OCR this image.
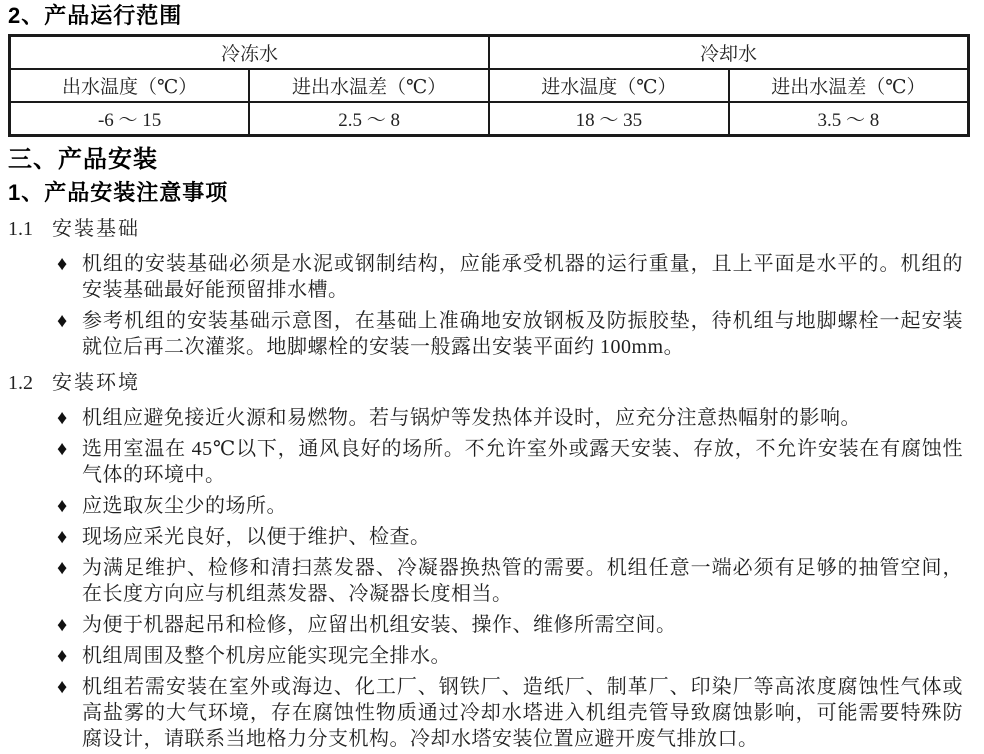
2、产品运行范围
冷冻水		冷却水	
出水温度（℃）	进出水温差（℃）	进水温度（℃）	进出水温差（℃）
-6 ～ 15	2.5 ～ 8	18 ～ 35	3.5 ～ 8
三、产品安装
1、产品安装注意事项
1.1 安装基础
♦ 机组的安装基础必须是水泥或钢制结构，应能承受机器的运行重量，且上平面是水平的。机组的安装基础最好能预留排水槽。
♦ 参考机组的安装基础示意图，在基础上准确地安放钢板及防振胶垫，待机组与地脚螺栓一起安装就位后再二次灌浆。地脚螺栓的安装一般露出安装平面约 100mm。
1.2 安装环境
♦ 机组应避免接近火源和易燃物。若与锅炉等发热体并设时，应充分注意热幅射的影响。
♦ 选用室温在 45℃以下，通风良好的场所。不允许室外或露天安装、存放，不允许安装在有腐蚀性气体的环境中。
♦ 应选取灰尘少的场所。
♦ 现场应采光良好，以便于维护、检查。
♦ 为满足维护、检修和清扫蒸发器、冷凝器换热管的需要。机组任意一端必须有足够的抽管空间，在长度方向应与机组蒸发器、冷凝器长度相当。
♦ 为便于机器起吊和检修，应留出机组安装、操作、维修所需空间。
♦ 机组周围及整个机房应能实现完全排水。
♦ 机组若需安装在室外或海边、化工厂、钢铁厂、造纸厂、制革厂、印染厂等高浓度腐蚀性气体或高盐雾的大气环境，存在腐蚀性物质通过冷却水塔进入机组壳管导致腐蚀影响，可能需要特殊防腐设计，请联系当地格力分支机构。冷却水塔安装位置应避开废气排放口。
